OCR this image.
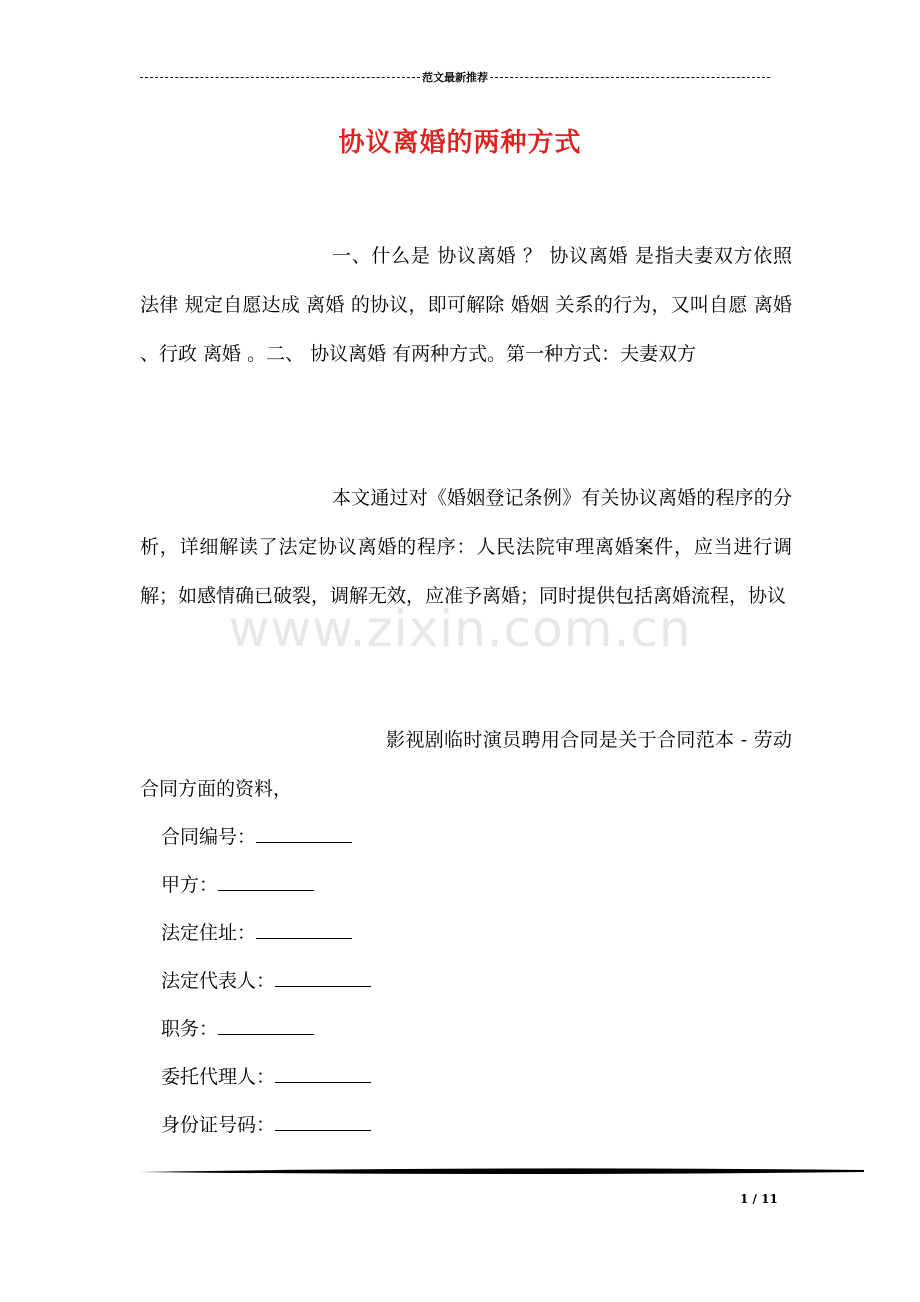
范文最新推荐
协议离婚的两种方式
一、什么是 协议离婚 ？ 协议离婚 是指夫妻双方依照 法律 规定自愿达成 离婚 的协议，即可解除 婚姻 关系的行为，又叫自愿 离婚 、行政 离婚 。二、 协议离婚 有两种方式。第一种方式：夫妻双方
本文通过对《婚姻登记条例》有关协议离婚的程序的分析，详细解读了法定协议离婚的程序：人民法院审理离婚案件，应当进行调解；如感情确已破裂，调解无效，应准予离婚；同时提供包括离婚流程，协议
影视剧临时演员聘用合同是关于合同范本 - 劳动合同方面的资料，
合同编号：
甲方：
法定住址：
法定代表人：
职务：
委托代理人：
身份证号码：
www.zixin.com.cn
1 / 11
